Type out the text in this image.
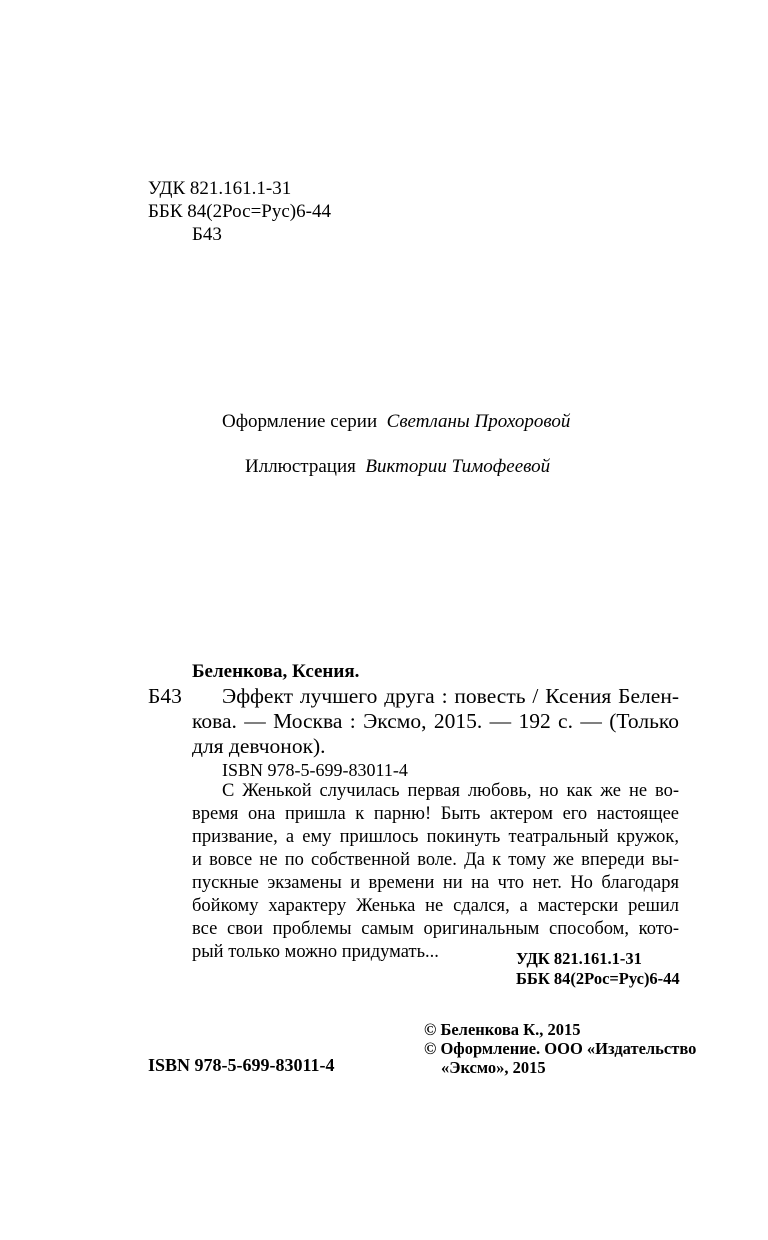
УДК 821.161.1-31
ББК 84(2Рос=Рус)6-44
Б43
Оформление серии Светланы Прохоровой
Иллюстрация Виктории Тимофеевой
Беленкова, Ксения.
Б43	Эффект лучшего друга : повесть / Ксения Белен-
кова. — Москва : Эксмо, 2015. — 192 с. — (Только
для девчонок).
ISBN 978-5-699-83011-4
С Женькой случилась первая любовь, но как же не во-
время она пришла к парню! Быть актером его настоящее
призвание, а ему пришлось покинуть театральный кружок,
и вовсе не по собственной воле. Да к тому же впереди вы-
пускные экзамены и времени ни на что нет. Но благодаря
бойкому характеру Женька не сдался, а мастерски решил
все свои проблемы самым оригинальным способом, кото-
рый только можно придумать...	УДК 821.161.1-31
ББК 84(2Рос=Рус)6-44
© Беленкова К., 2015
© Оформление. ООО «Издательство
«Эксмо», 2015
ISBN 978-5-699-83011-4
